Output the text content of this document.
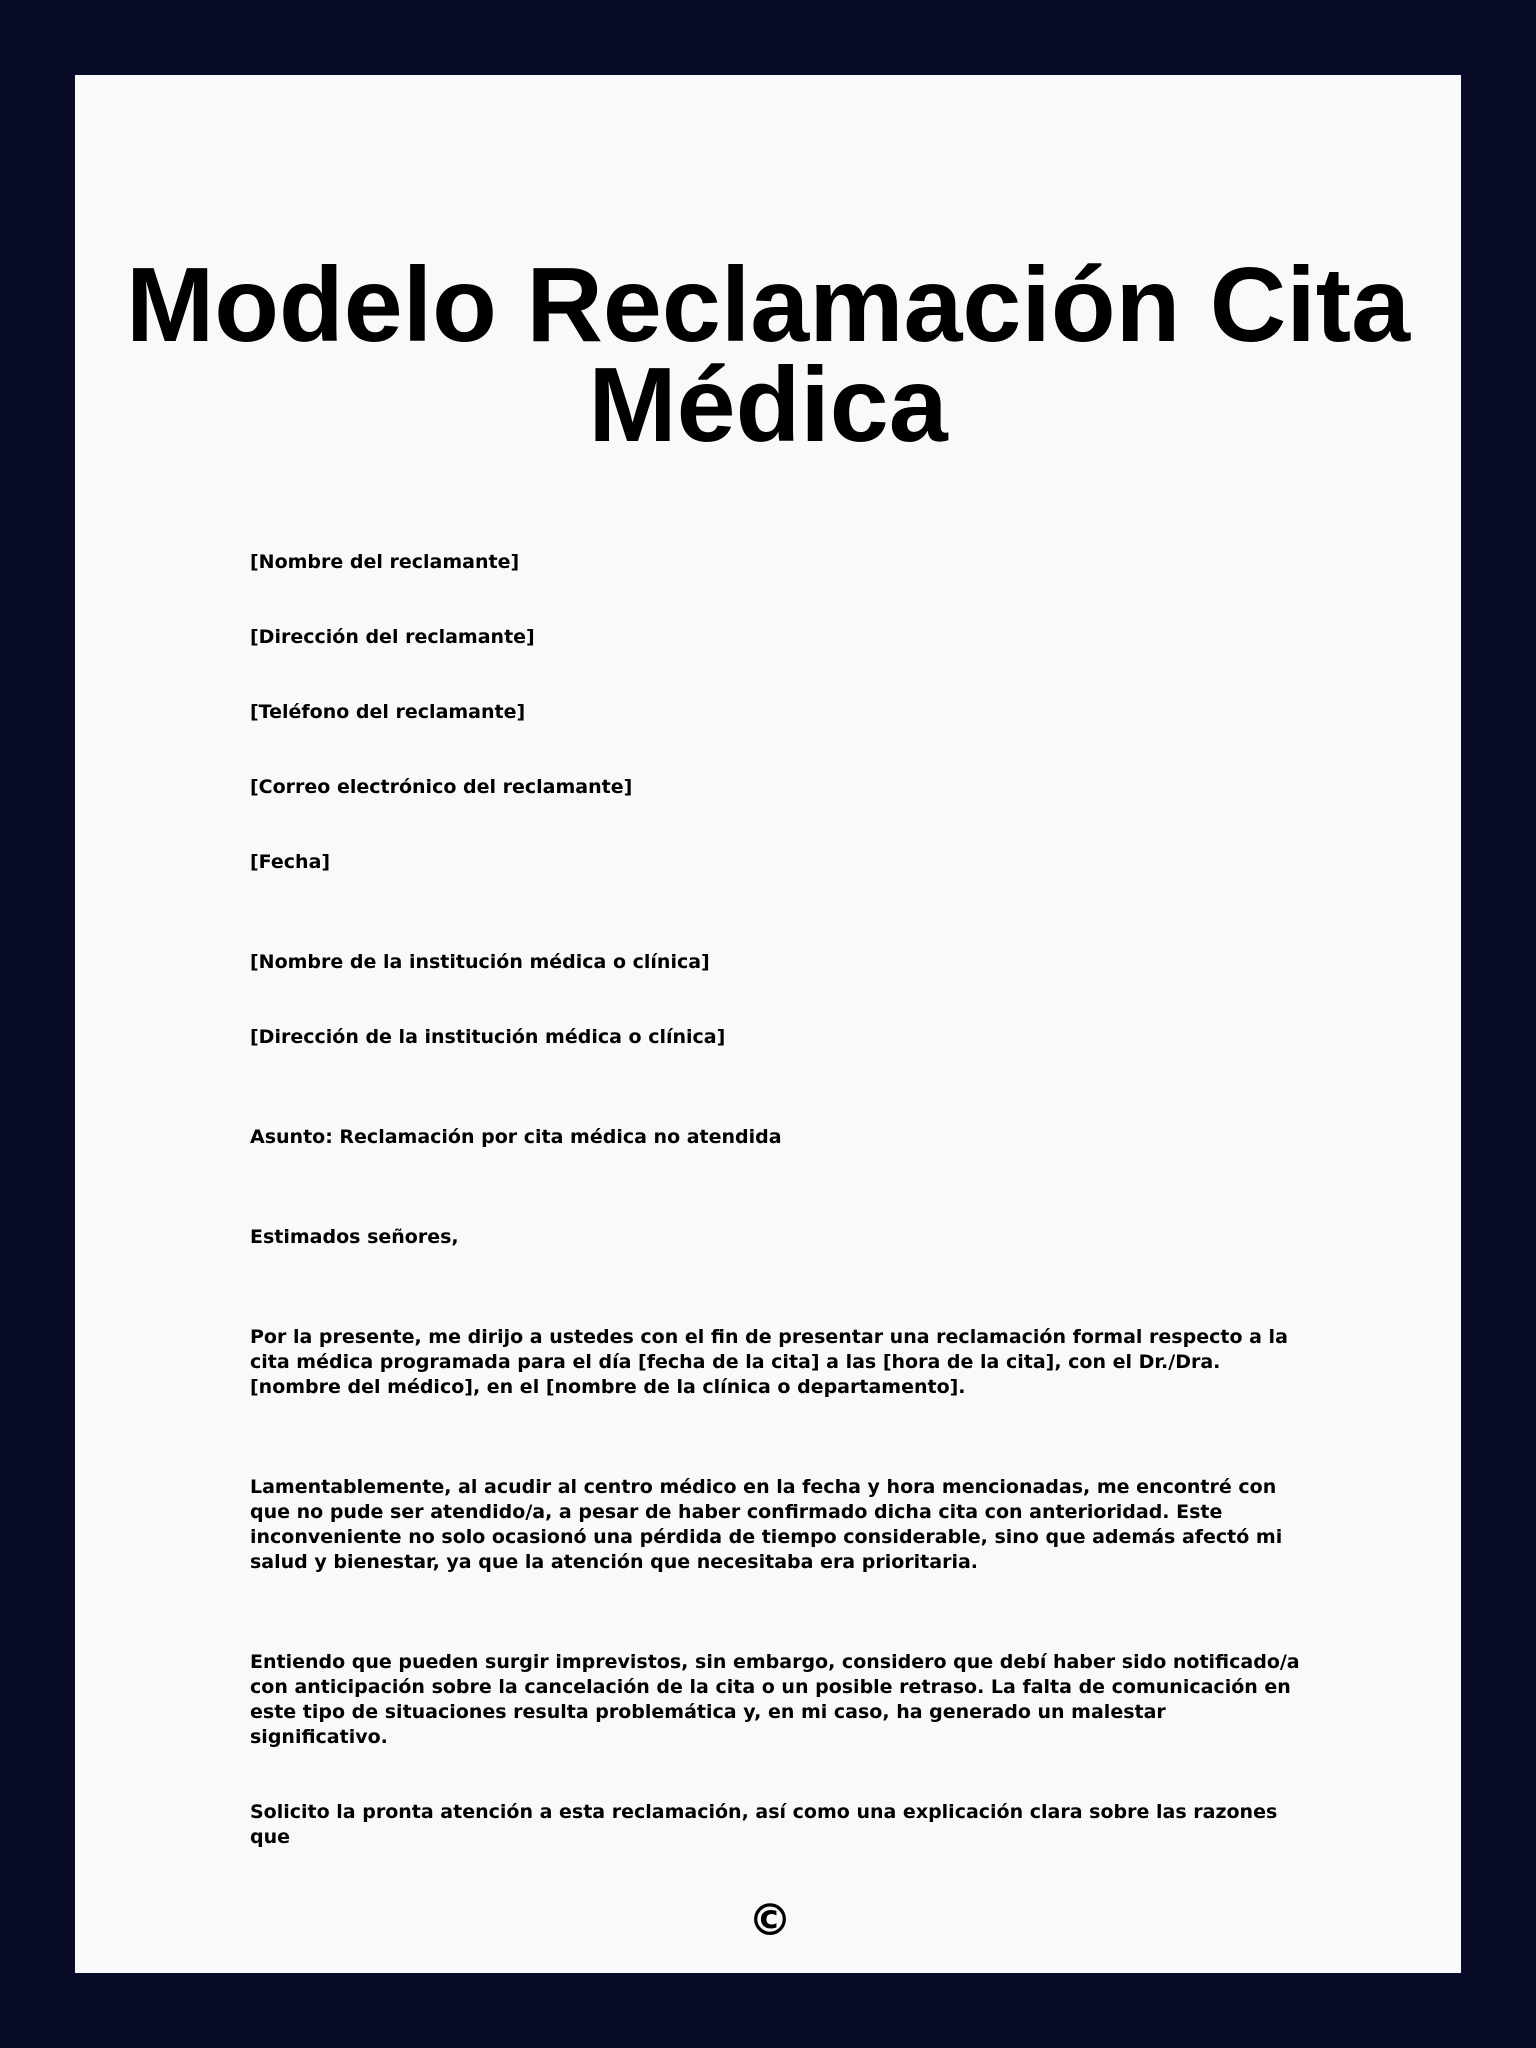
Modelo Reclamación Cita
Médica
[Nombre del reclamante]
[Dirección del reclamante]
[Teléfono del reclamante]
[Correo electrónico del reclamante]
[Fecha]
[Nombre de la institución médica o clínica]
[Dirección de la institución médica o clínica]
Asunto: Reclamación por cita médica no atendida
Estimados señores,
Por la presente, me dirijo a ustedes con el fin de presentar una reclamación formal respecto a la cita médica programada para el día [fecha de la cita] a las [hora de la cita], con el Dr./Dra. [nombre del médico], en el [nombre de la clínica o departamento].
Lamentablemente, al acudir al centro médico en la fecha y hora mencionadas, me encontré con que no pude ser atendido/a, a pesar de haber confirmado dicha cita con anterioridad. Este inconveniente no solo ocasionó una pérdida de tiempo considerable, sino que además afectó mi salud y bienestar, ya que la atención que necesitaba era prioritaria.
Entiendo que pueden surgir imprevistos, sin embargo, considero que debí haber sido notificado/a con anticipación sobre la cancelación de la cita o un posible retraso. La falta de comunicación en este tipo de situaciones resulta problemática y, en mi caso, ha generado un malestar significativo.
Solicito la pronta atención a esta reclamación, así como una explicación clara sobre las razones que
©
